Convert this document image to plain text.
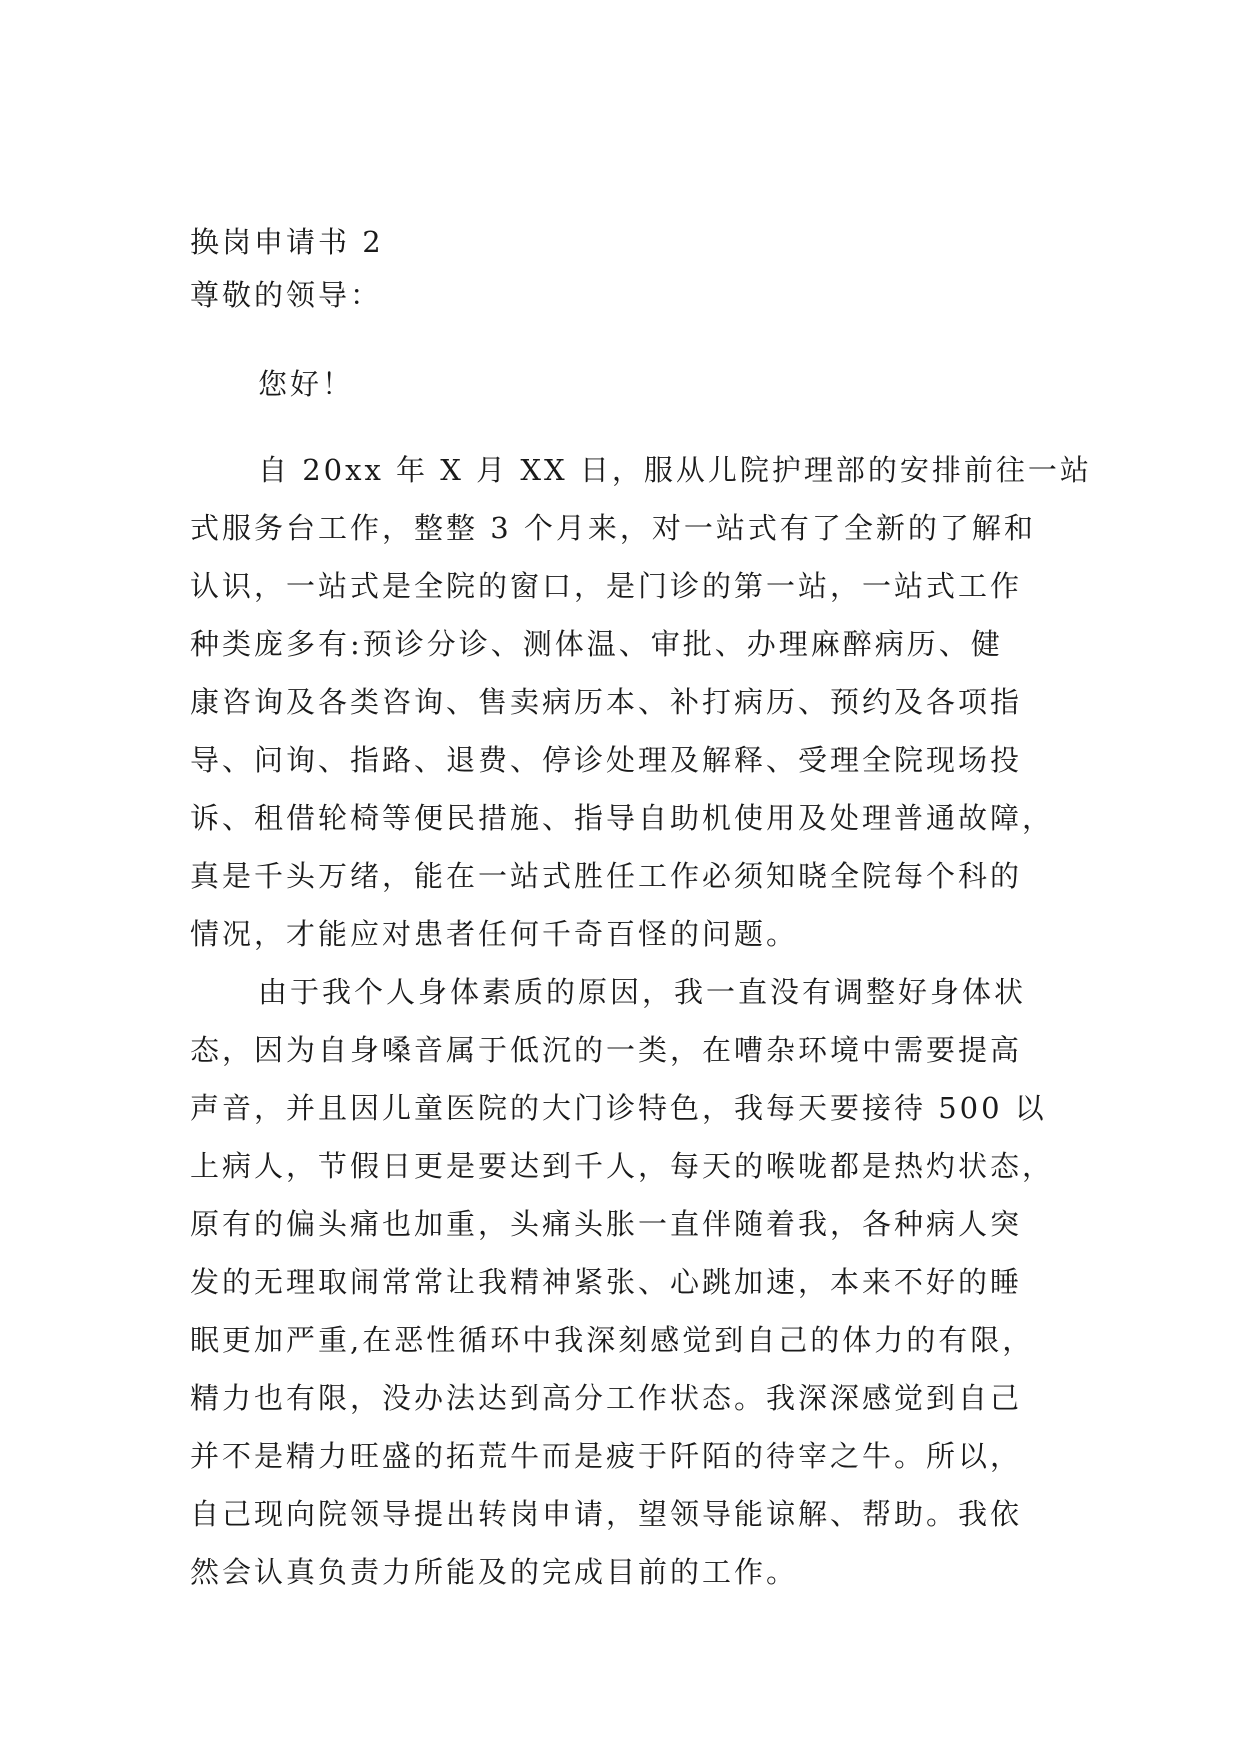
换岗申请书 2

尊敬的领导：

您好！

自 20xx 年 X 月 XX 日，服从儿院护理部的安排前往一站
式服务台工作，整整 3 个月来，对一站式有了全新的了解和
认识，一站式是全院的窗口，是门诊的第一站，一站式工作
种类庞多有:预诊分诊、测体温、审批、办理麻醉病历、健
康咨询及各类咨询、售卖病历本、补打病历、预约及各项指
导、问询、指路、退费、停诊处理及解释、受理全院现场投
诉、租借轮椅等便民措施、指导自助机使用及处理普通故障，
真是千头万绪，能在一站式胜任工作必须知晓全院每个科的
情况，才能应对患者任何千奇百怪的问题。

由于我个人身体素质的原因，我一直没有调整好身体状
态，因为自身嗓音属于低沉的一类，在嘈杂环境中需要提高
声音，并且因儿童医院的大门诊特色，我每天要接待 500 以
上病人，节假日更是要达到千人，每天的喉咙都是热灼状态，
原有的偏头痛也加重，头痛头胀一直伴随着我，各种病人突
发的无理取闹常常让我精神紧张、心跳加速，本来不好的睡
眠更加严重,在恶性循环中我深刻感觉到自己的体力的有限，
精力也有限，没办法达到高分工作状态。我深深感觉到自己
并不是精力旺盛的拓荒牛而是疲于阡陌的待宰之牛。所以，
自己现向院领导提出转岗申请，望领导能谅解、帮助。我依
然会认真负责力所能及的完成目前的工作。
